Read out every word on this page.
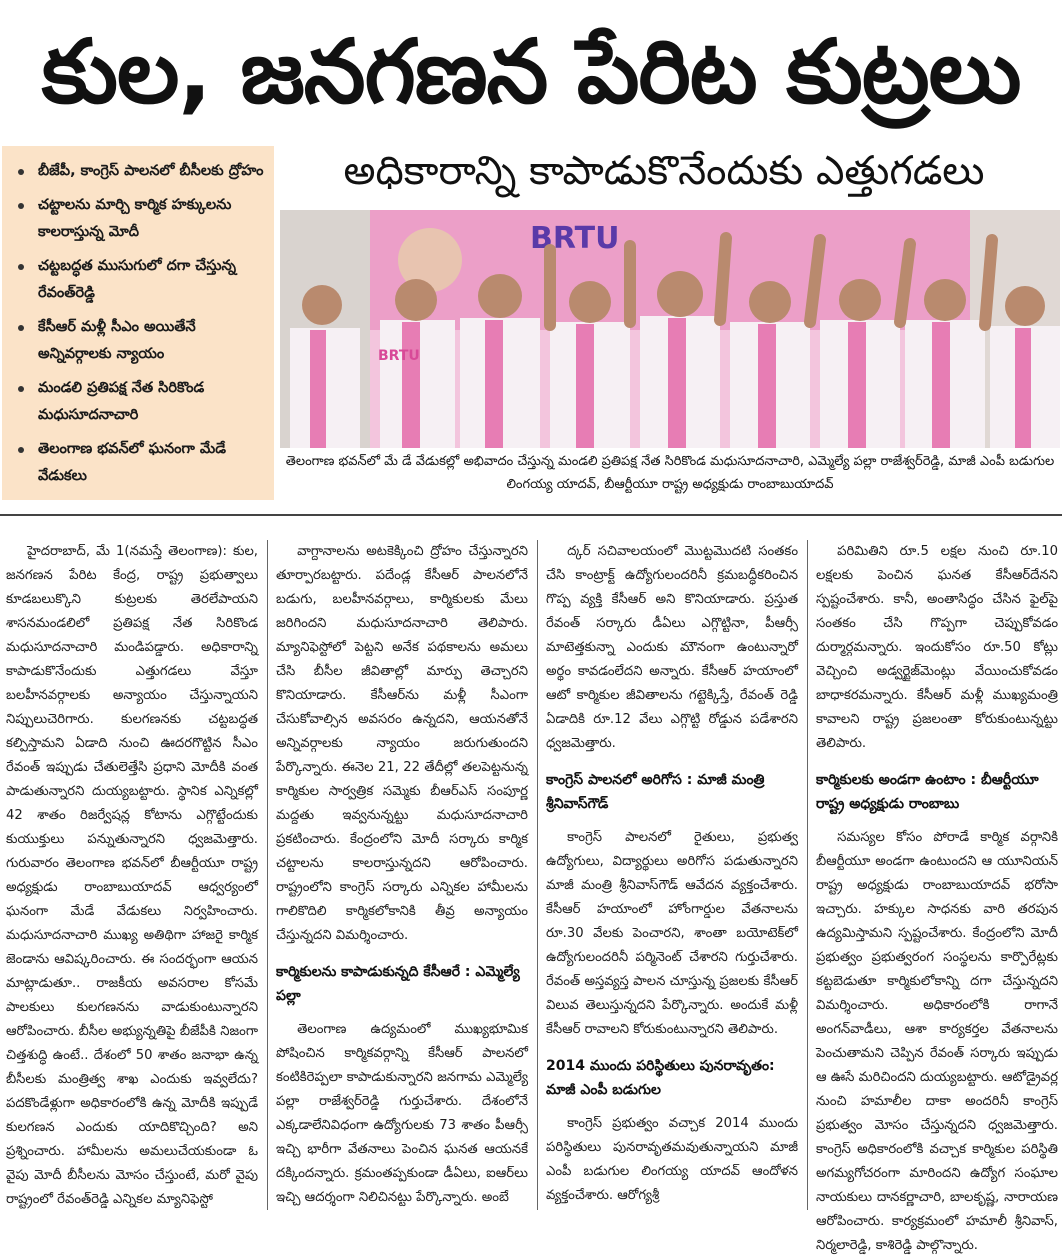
కుల, జనగణన పేరిట కుట్రలు
అధికారాన్ని కాపాడుకొనేందుకు ఎత్తుగడలు
బీజేపీ, కాంగ్రెస్ పాలనలో బీసీలకు ద్రోహం
చట్టాలను మార్చి కార్మిక హక్కులను కాలరాస్తున్న మోదీ
చట్టబద్ధత ముసుగులో దగా చేస్తున్న రేవంత్‌రెడ్డి
కేసీఆర్ మళ్లీ సీఎం అయితేనే అన్నివర్గాలకు న్యాయం
మండలి ప్రతిపక్ష నేత సిరికొండ మధుసూదనాచారి
తెలంగాణ భవన్‌లో ఘనంగా మేడే వేడుకలు
BRTU
BRTU
తెలంగాణ భవన్‌లో మే డే వేడుకల్లో అభివాదం చేస్తున్న మండలి ప్రతిపక్ష నేత సిరికొండ మధుసూదనాచారి, ఎమ్మెల్యే పల్లా రాజేశ్వర్‌రెడ్డి, మాజీ ఎంపీ బడుగుల లింగయ్య యాదవ్, బీఆర్టీయూ రాష్ట్ర అధ్యక్షుడు రాంబాబుయాదవ్

హైదరాబాద్, మే 1(నమస్తే తెలంగాణ): కుల, జనగణన పేరిట కేంద్ర, రాష్ట్ర ప్రభుత్వాలు కూడబలుక్కొని కుట్రలకు తెరలేపాయని శాసనమండలిలో ప్రతిపక్ష నేత సిరికొండ మధుసూదనాచారి మండిపడ్డారు. అధికారాన్ని కాపాడుకొనేందుకు ఎత్తుగడలు వేస్తూ బలహీనవర్గాలకు అన్యాయం చేస్తున్నాయని నిప్పులుచెరిగారు. కులగణనకు చట్టబద్ధత కల్పిస్తామని ఏడాది నుంచి ఊదరగొట్టిన సీఎం రేవంత్ ఇప్పుడు చేతులెత్తేసి ప్రధాని మోదీకి వంత పాడుతున్నారని దుయ్యబట్టారు. స్థానిక ఎన్నికల్లో 42 శాతం రిజర్వేషన్ల కోటాను ఎగ్గొట్టేందుకు కుయుక్తులు పన్నుతున్నారని ధ్వజమెత్తారు. గురువారం తెలంగాణ భవన్‌లో బీఆర్టీయూ రాష్ట్ర అధ్యక్షుడు రాంబాబుయాదవ్ ఆధ్వర్యంలో ఘనంగా మేడే వేడుకలు నిర్వహించారు. మధుసూదనాచారి ముఖ్య అతిథిగా హాజరై కార్మిక జెండాను ఆవిష్కరించారు. ఈ సందర్భంగా ఆయన మాట్లాడుతూ.. రాజకీయ అవసరాల కోసమే పాలకులు కులగణనను వాడుకుంటున్నారని ఆరోపించారు. బీసీల అభ్యున్నతిపై బీజేపీకి నిజంగా చిత్తశుద్ధి ఉంటే.. దేశంలో 50 శాతం జనాభా ఉన్న బీసీలకు మంత్రిత్వ శాఖ ఎందుకు ఇవ్వలేదు? పదకొండేళ్లుగా అధికారంలోకి ఉన్న మోదీకి ఇప్పుడే కులగణన ఎందుకు యాదికొచ్చింది? అని ప్రశ్నించారు. హామీలను అమలుచేయకుండా ఓ వైపు మోదీ బీసీలను మోసం చేస్తుంటే, మరో వైపు రాష్ట్రంలో రేవంత్‌రెడ్డి ఎన్నికల మ్యానిఫెస్టో

వాగ్దానాలను అటకెక్కించి ద్రోహం చేస్తున్నారని తూర్పారబట్టారు. పదేండ్ల కేసీఆర్ పాలనలోనే బడుగు, బలహీనవర్గాలు, కార్మికులకు మేలు జరిగిందని మధుసూదనాచారి తెలిపారు. మ్యానిఫెస్టోలో పెట్టని అనేక పథకాలను అమలు చేసి బీసీల జీవితాల్లో మార్పు తెచ్చారని కొనియాడారు. కేసీఆర్‌ను మళ్లీ సీఎంగా చేసుకోవాల్సిన అవసరం ఉన్నదని, ఆయనతోనే అన్నివర్గాలకు న్యాయం జరుగుతుందని పేర్కొన్నారు. ఈనెల 21, 22 తేదీల్లో తలపెట్టనున్న కార్మికుల సార్వత్రిక సమ్మెకు బీఆర్‌ఎస్ సంపూర్ణ మద్దతు ఇవ్వనున్నట్టు మధుసూదనాచారి ప్రకటించారు. కేంద్రంలోని మోదీ సర్కారు కార్మిక చట్టాలను కాలరాస్తున్నదని ఆరోపించారు. రాష్ట్రంలోని కాంగ్రెస్ సర్కారు ఎన్నికల హామీలను గాలికొదిలి కార్మికలోకానికి తీవ్ర అన్యాయం చేస్తున్నదని విమర్శించారు.

కార్మికులను కాపాడుకున్నది కేసీఆరే : ఎమ్మెల్యే పల్లా

తెలంగాణ ఉద్యమంలో ముఖ్యభూమిక పోషించిన కార్మికవర్గాన్ని కేసీఆర్ పాలనలో కంటికిరెప్పలా కాపాడుకున్నారని జనగామ ఎమ్మెల్యే పల్లా రాజేశ్వర్‌రెడ్డి గుర్తుచేశారు. దేశంలోనే ఎక్కడాలేనివిధంగా ఉద్యోగులకు 73 శాతం పీఆర్సీ ఇచ్చి భారీగా వేతనాలు పెంచిన ఘనత ఆయనకే దక్కిందన్నారు. క్రమంతప్పకుండా డీఏలు, ఐఆర్‌లు ఇచ్చి ఆదర్శంగా నిలిచినట్టు పేర్కొన్నారు. అంబే

ద్కర్ సచివాలయంలో మొట్టమొదటి సంతకం చేసి కాంట్రాక్ట్ ఉద్యోగులందరినీ క్రమబద్ధీకరించిన గొప్ప వ్యక్తి కేసీఆర్ అని కొనియాడారు. ప్రస్తుత రేవంత్ సర్కారు డీఏలు ఎగ్గొట్టినా, పీఆర్సీ మాటెత్తకున్నా ఎందుకు మౌనంగా ఉంటున్నారో అర్థం కావడంలేదని అన్నారు. కేసీఆర్ హయాంలో ఆటో కార్మికుల జీవితాలను గట్టెక్కిస్తే, రేవంత్ రెడ్డి ఏడాదికి రూ.12 వేలు ఎగ్గొట్టి రోడ్డున పడేశారని ధ్వజమెత్తారు.

కాంగ్రెస్ పాలనలో అరిగోస : మాజీ మంత్రి శ్రీనివాస్‌గౌడ్

కాంగ్రెస్ పాలనలో రైతులు, ప్రభుత్వ ఉద్యోగులు, విద్యార్థులు అరిగోస పడుతున్నారని మాజీ మంత్రి శ్రీనివాస్‌గౌడ్ ఆవేదన వ్యక్తంచేశారు. కేసీఆర్ హయాంలో హోంగార్డుల వేతనాలను రూ.30 వేలకు పెంచారని, శాంతా బయోటెక్‌లో ఉద్యోగులందరినీ పర్మినెంట్ చేశారని గుర్తుచేశారు. రేవంత్ అస్తవ్యస్త పాలన చూస్తున్న ప్రజలకు కేసీఆర్ విలువ తెలుస్తున్నదని పేర్కొన్నారు. అందుకే మళ్లీ కేసీఆర్ రావాలని కోరుకుంటున్నారని తెలిపారు.

2014 ముందు పరిస్థితులు పునరావృతం: మాజీ ఎంపీ బడుగుల

కాంగ్రెస్ ప్రభుత్వం వచ్చాక 2014 ముందు పరిస్థితులు పునరావృతమవుతున్నాయని మాజీ ఎంపీ బడుగుల లింగయ్య యాదవ్ ఆందోళన వ్యక్తంచేశారు. ఆరోగ్యశ్రీ

పరిమితిని రూ.5 లక్షల నుంచి రూ.10 లక్షలకు పెంచిన ఘనత కేసీఆర్‌దేనని స్పష్టంచేశారు. కానీ, అంతాసిద్ధం చేసిన ఫైల్‌పై సంతకం చేసి గొప్పగా చెప్పుకోవడం దుర్మార్గమన్నారు. ఇందుకోసం రూ.50 కోట్లు వెచ్చించి అడ్వర్టైజ్‌మెంట్లు వేయించుకోవడం బాధాకరమన్నారు. కేసీఆర్ మళ్లీ ముఖ్యమంత్రి కావాలని రాష్ట్ర ప్రజలంతా కోరుకుంటున్నట్టు తెలిపారు.

కార్మికులకు అండగా ఉంటాం : బీఆర్టీయూ రాష్ట్ర అధ్యక్షుడు రాంబాబు

సమస్యల కోసం పోరాడే కార్మిక వర్గానికి బీఆర్టీయూ అండగా ఉంటుందని ఆ యూనియన్ రాష్ట్ర అధ్యక్షుడు రాంబాబుయాదవ్ భరోసా ఇచ్చారు. హక్కుల సాధనకు వారి తరపున ఉద్యమిస్తామని స్పష్టంచేశారు. కేంద్రంలోని మోదీ ప్రభుత్వం ప్రభుత్వరంగ సంస్థలను కార్పొరేట్లకు కట్టబెడుతూ కార్మికులోకాన్ని దగా చేస్తున్నదని విమర్శించారు. అధికారంలోకి రాగానే అంగన్‌వాడీలు, ఆశా కార్యకర్తల వేతనాలను పెంచుతామని చెప్పిన రేవంత్ సర్కారు ఇప్పుడు ఆ ఊసే మరిచిందని దుయ్యబట్టారు. ఆటోడ్రైవర్ల నుంచి హమాలీల దాకా అందరినీ కాంగ్రెస్ ప్రభుత్వం మోసం చేస్తున్నదని ధ్వజమెత్తారు. కాంగ్రెస్ అధికారంలోకి వచ్చాక కార్మికుల పరిస్థితి అగమ్యగోచరంగా మారిందని ఉద్యోగ సంఘాల నాయకులు దానకర్ణాచారి, బాలకృష్ణ, నారాయణ ఆరోపించారు. కార్యక్రమంలో హమాలీ శ్రీనివాస్, నిర్మలారెడ్డి, కాశిరెడ్డి పాల్గొన్నారు.
